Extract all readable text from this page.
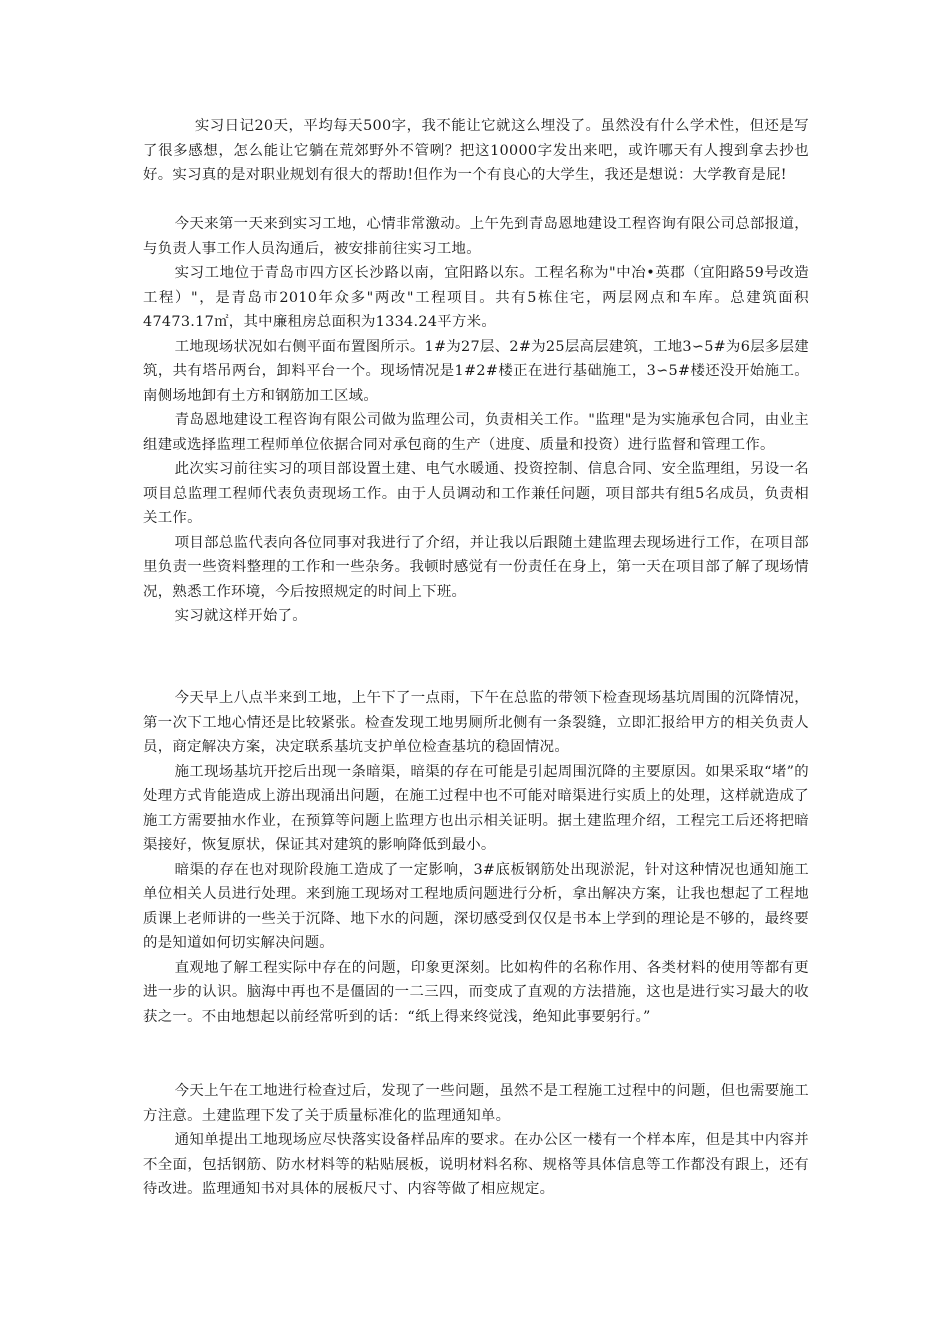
实习日记20天，平均每天500字，我不能让它就这么埋没了。虽然没有什么学术性，但还是写了很多感想，怎么能让它躺在荒郊野外不管咧？把这10000字发出来吧，或许哪天有人搜到拿去抄也好。实习真的是对职业规划有很大的帮助!但作为一个有良心的大学生，我还是想说：大学教育是屁!

今天来第一天来到实习工地，心情非常激动。上午先到青岛恩地建设工程咨询有限公司总部报道，与负责人事工作人员沟通后，被安排前往实习工地。

实习工地位于青岛市四方区长沙路以南，宜阳路以东。工程名称为"中冶•英郡（宜阳路59号改造工程）"，是青岛市2010年众多"两改"工程项目。共有5栋住宅，两层网点和车库。总建筑面积47473.17㎡，其中廉租房总面积为1334.24平方米。

工地现场状况如右侧平面布置图所示。1#为27层、2#为25层高层建筑，工地3∽5#为6层多层建筑，共有塔吊两台，卸料平台一个。现场情况是1#2#楼正在进行基础施工，3∽5#楼还没开始施工。南侧场地卸有土方和钢筋加工区域。

青岛恩地建设工程咨询有限公司做为监理公司，负责相关工作。"监理"是为实施承包合同，由业主组建或选择监理工程师单位依据合同对承包商的生产（进度、质量和投资）进行监督和管理工作。

此次实习前往实习的项目部设置土建、电气水暖通、投资控制、信息合同、安全监理组，另设一名项目总监理工程师代表负责现场工作。由于人员调动和工作兼任问题，项目部共有组5名成员，负责相关工作。

项目部总监代表向各位同事对我进行了介绍，并让我以后跟随土建监理去现场进行工作，在项目部里负责一些资料整理的工作和一些杂务。我顿时感觉有一份责任在身上，第一天在项目部了解了现场情况，熟悉工作环境，今后按照规定的时间上下班。

实习就这样开始了。

今天早上八点半来到工地，上午下了一点雨，下午在总监的带领下检查现场基坑周围的沉降情况，第一次下工地心情还是比较紧张。检查发现工地男厕所北侧有一条裂缝，立即汇报给甲方的相关负责人员，商定解决方案，决定联系基坑支护单位检查基坑的稳固情况。

施工现场基坑开挖后出现一条暗渠，暗渠的存在可能是引起周围沉降的主要原因。如果采取“堵”的处理方式肯能造成上游出现涌出问题，在施工过程中也不可能对暗渠进行实质上的处理，这样就造成了施工方需要抽水作业，在预算等问题上监理方也出示相关证明。据土建监理介绍，工程完工后还将把暗渠接好，恢复原状，保证其对建筑的影响降低到最小。

暗渠的存在也对现阶段施工造成了一定影响，3#底板钢筋处出现淤泥，针对这种情况也通知施工单位相关人员进行处理。来到施工现场对工程地质问题进行分析，拿出解决方案，让我也想起了工程地质课上老师讲的一些关于沉降、地下水的问题，深切感受到仅仅是书本上学到的理论是不够的，最终要的是知道如何切实解决问题。

直观地了解工程实际中存在的问题，印象更深刻。比如构件的名称作用、各类材料的使用等都有更进一步的认识。脑海中再也不是僵固的一二三四，而变成了直观的方法措施，这也是进行实习最大的收获之一。不由地想起以前经常听到的话：“纸上得来终觉浅，绝知此事要躬行。”

今天上午在工地进行检查过后，发现了一些问题，虽然不是工程施工过程中的问题，但也需要施工方注意。土建监理下发了关于质量标准化的监理通知单。

通知单提出工地现场应尽快落实设备样品库的要求。在办公区一楼有一个样本库，但是其中内容并不全面，包括钢筋、防水材料等的粘贴展板，说明材料名称、规格等具体信息等工作都没有跟上，还有待改进。监理通知书对具体的展板尺寸、内容等做了相应规定。
